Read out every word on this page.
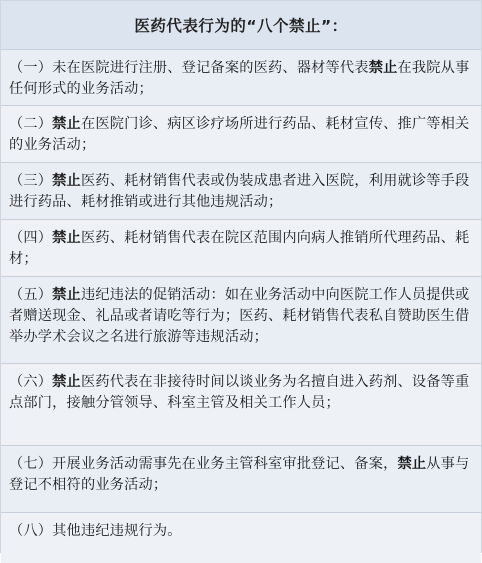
医药代表行为的“八个禁止”：
（一）未在医院进行注册、登记备案的医药、器材等代表禁止在我院从事任何形式的业务活动；
（二）禁止在医院门诊、病区诊疗场所进行药品、耗材宣传、推广等相关的业务活动；
（三）禁止医药、耗材销售代表或伪装成患者进入医院，利用就诊等手段进行药品、耗材推销或进行其他违规活动；
（四）禁止医药、耗材销售代表在院区范围内向病人推销所代理药品、耗材；
（五）禁止违纪违法的促销活动：如在业务活动中向医院工作人员提供或者赠送现金、礼品或者请吃等行为；医药、耗材销售代表私自赞助医生借举办学术会议之名进行旅游等违规活动；
（六）禁止医药代表在非接待时间以谈业务为名擅自进入药剂、设备等重点部门，接触分管领导、科室主管及相关工作人员；
（七）开展业务活动需事先在业务主管科室审批登记、备案，禁止从事与登记不相符的业务活动；
（八）其他违纪违规行为。
